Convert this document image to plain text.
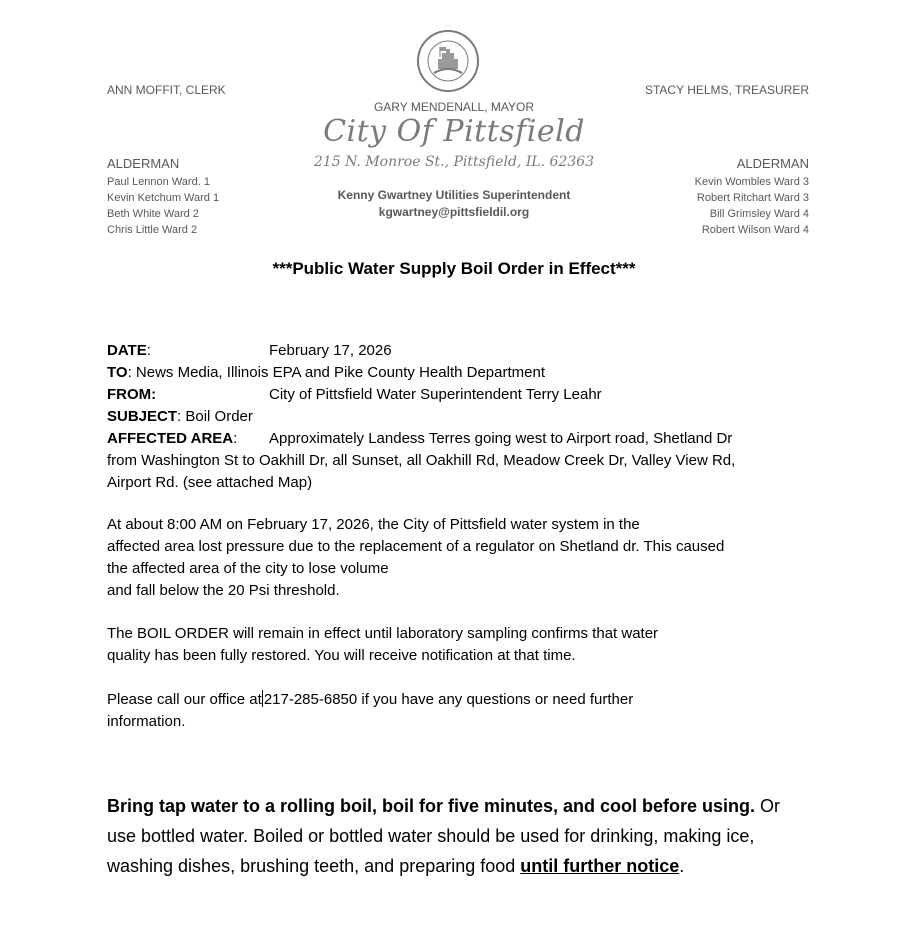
ANN MOFFIT, CLERK	STACY HELMS, TREASURER
GARY MENDENALL, MAYOR
City Of Pittsfield
215 N. Monroe St., Pittsfield, IL. 62363
ALDERMAN
Paul Lennon Ward. 1
Kevin Ketchum Ward 1
Beth White Ward 2
Chris Little Ward 2
ALDERMAN
Kevin Wombles Ward 3
Robert Ritchart Ward 3
Bill Grimsley Ward 4
Robert Wilson Ward 4
Kenny Gwartney Utilities Superintendent
kgwartney@pittsfieldil.org
***Public Water Supply Boil Order in Effect***
DATE:	February 17, 2026
TO: News Media, Illinois EPA and Pike County Health Department
FROM:	City of Pittsfield Water Superintendent Terry Leahr
SUBJECT: Boil Order
AFFECTED AREA: Approximately Landess Terres going west to Airport road, Shetland Dr
from Washington St to Oakhill Dr, all Sunset, all Oakhill Rd, Meadow Creek Dr, Valley View Rd,
Airport Rd. (see attached Map)
At about 8:00 AM on February 17, 2026, the City of Pittsfield water system in the
affected area lost pressure due to the replacement of a regulator on Shetland dr. This caused
the affected area of the city to lose volume
and fall below the 20 Psi threshold.
The BOIL ORDER will remain in effect until laboratory sampling confirms that water
quality has been fully restored. You will receive notification at that time.
Please call our office at 217-285-6850 if you have any questions or need further
information.
Bring tap water to a rolling boil, boil for five minutes, and cool before using. Or use bottled water. Boiled or bottled water should be used for drinking, making ice, washing dishes, brushing teeth, and preparing food until further notice.
